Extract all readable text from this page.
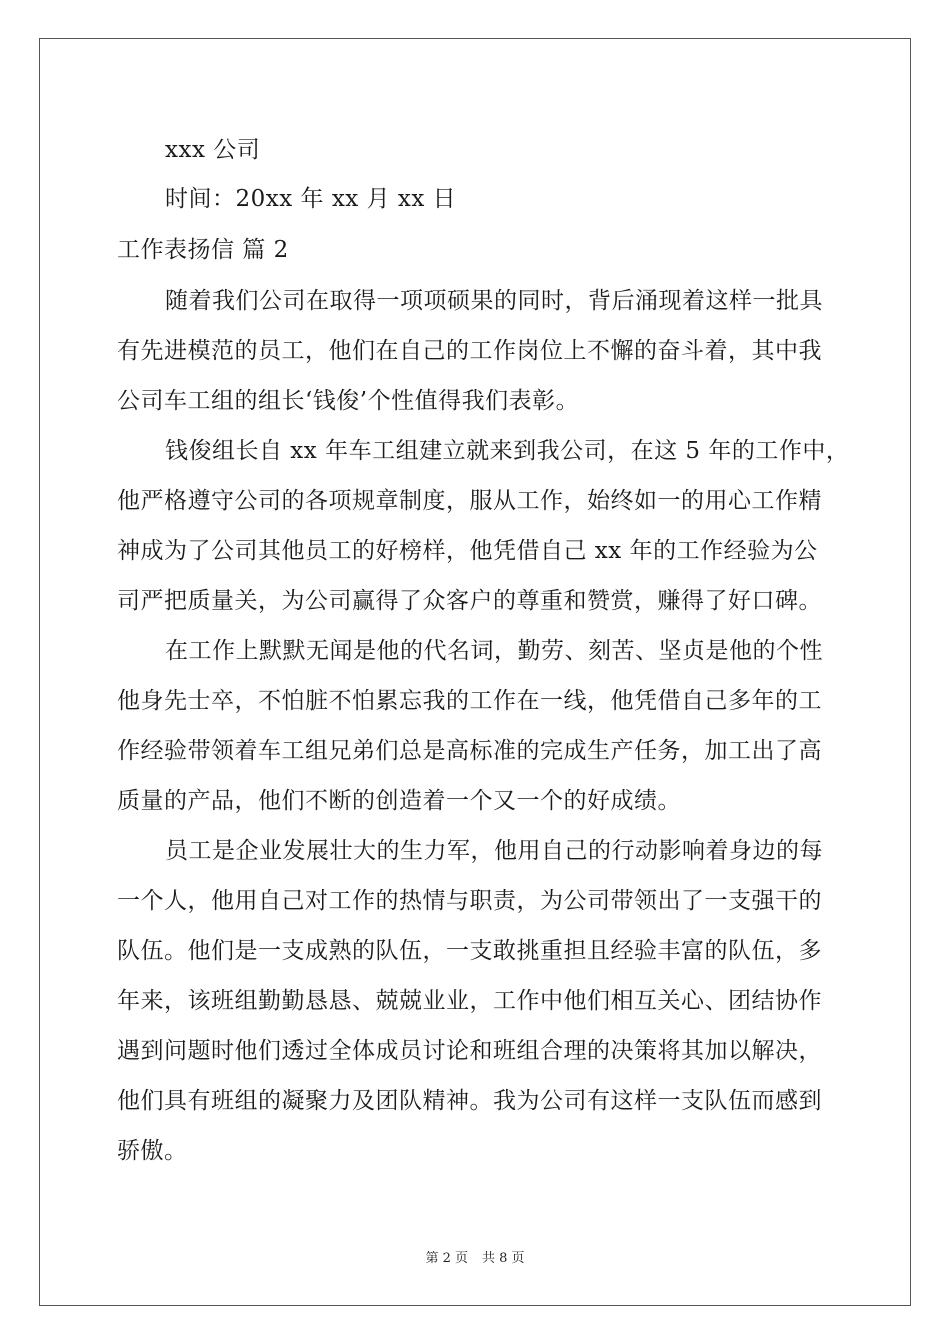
xxx 公司
时间：20xx 年 xx 月 xx 日
工作表扬信 篇 2
随着我们公司在取得一项项硕果的同时，背后涌现着这样一批具
有先进模范的员工，他们在自己的工作岗位上不懈的奋斗着，其中我
公司车工组的组长‘钱俊’个性值得我们表彰。
钱俊组长自 xx 年车工组建立就来到我公司，在这 5 年的工作中，
他严格遵守公司的各项规章制度，服从工作，始终如一的用心工作精
神成为了公司其他员工的好榜样，他凭借自己 xx 年的工作经验为公
司严把质量关，为公司赢得了众客户的尊重和赞赏，赚得了好口碑。
在工作上默默无闻是他的代名词，勤劳、刻苦、坚贞是他的个性
他身先士卒，不怕脏不怕累忘我的工作在一线，他凭借自己多年的工
作经验带领着车工组兄弟们总是高标准的完成生产任务，加工出了高
质量的产品，他们不断的创造着一个又一个的好成绩。
员工是企业发展壮大的生力军，他用自己的行动影响着身边的每
一个人，他用自己对工作的热情与职责，为公司带领出了一支强干的
队伍。他们是一支成熟的队伍，一支敢挑重担且经验丰富的队伍，多
年来，该班组勤勤恳恳、兢兢业业，工作中他们相互关心、团结协作
遇到问题时他们透过全体成员讨论和班组合理的决策将其加以解决，
他们具有班组的凝聚力及团队精神。我为公司有这样一支队伍而感到
骄傲。
第 2 页 共 8 页
